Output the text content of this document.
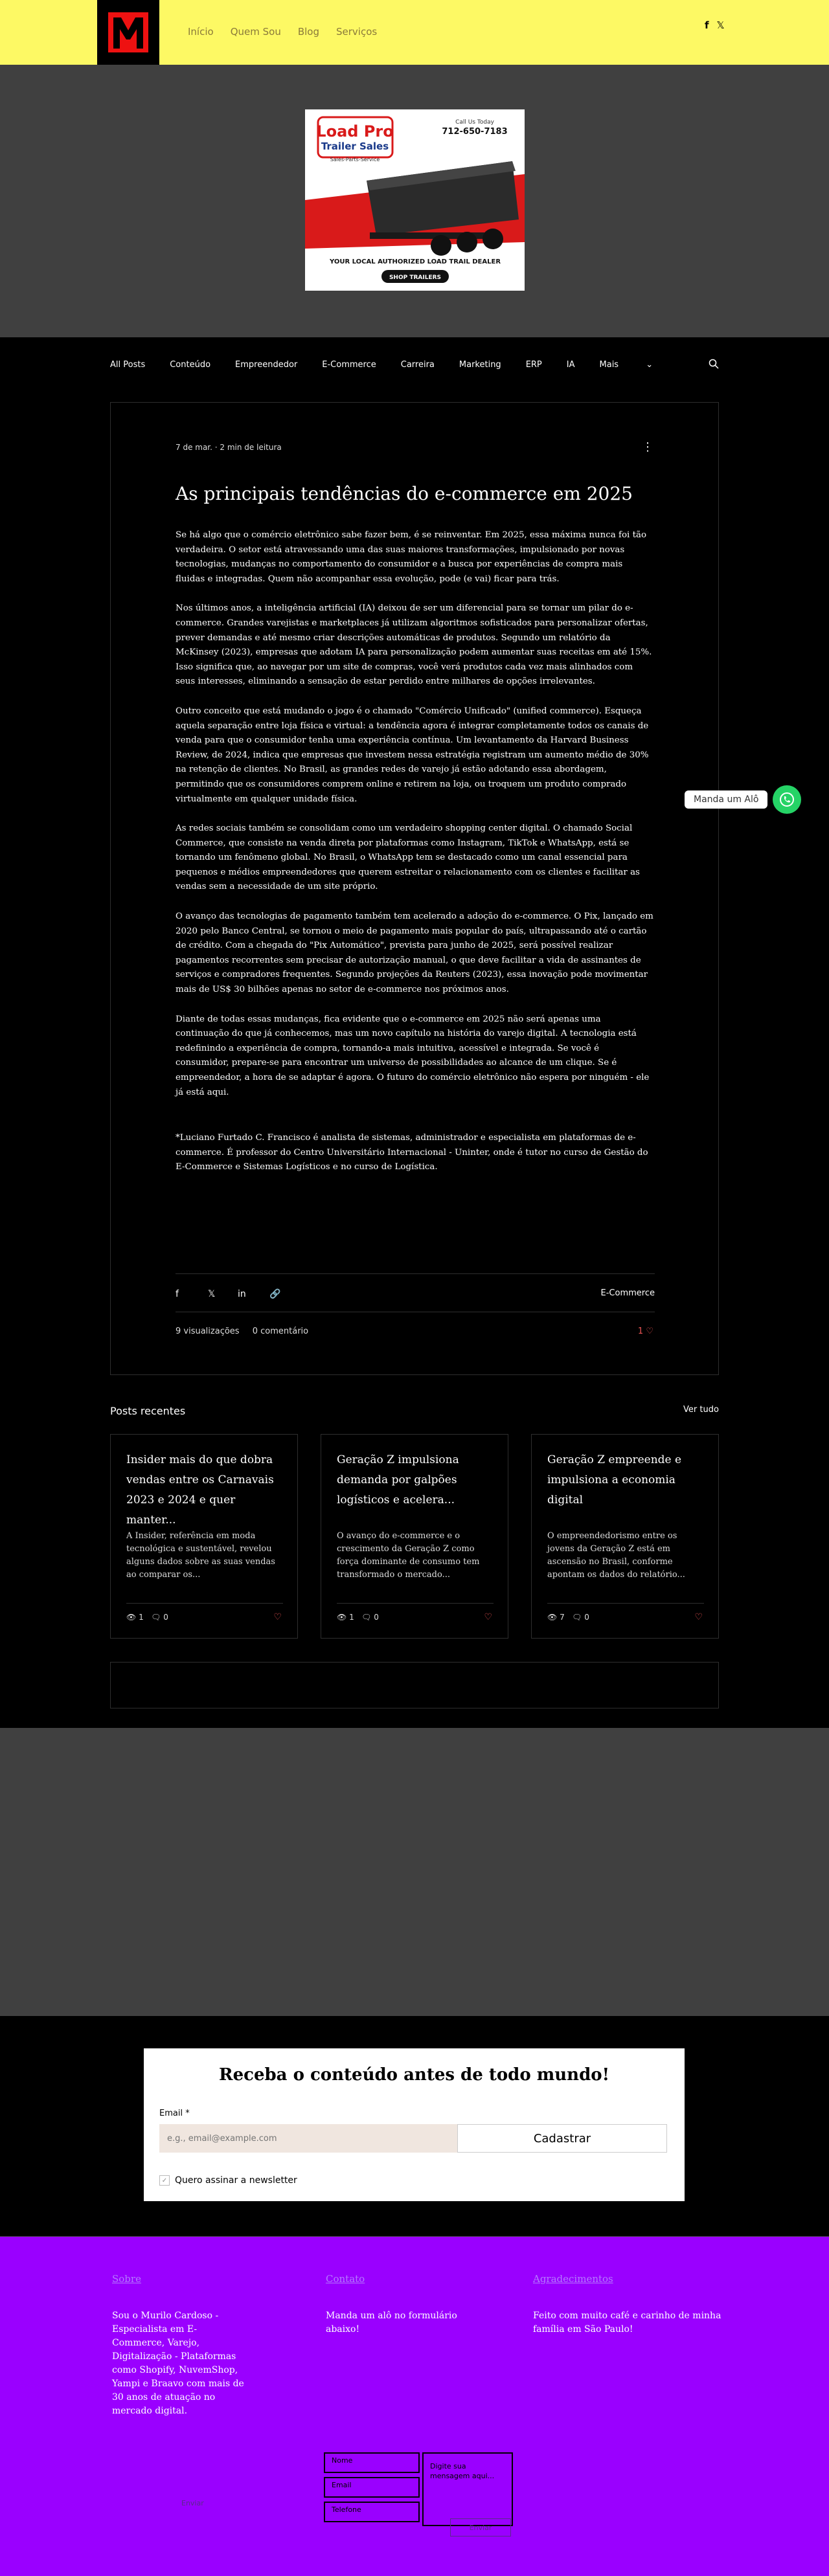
Início Quem Sou Blog Serviços
f 𝕏
Load Pro
Trailer Sales
Sales-Parts-Service
Call Us Today
712-650-7183
YOUR LOCAL AUTHORIZED LOAD TRAIL DEALER
SHOP TRAILERS
All Posts	Conteúdo	Empreendedor	E-Commerce	Carreira	Marketing	ERP	IA	Mais	⌄
7 de mar. · 2 min de leitura	⋮
As principais tendências do e-commerce em 2025

Se há algo que o comércio eletrônico sabe fazer bem, é se reinventar. Em 2025, essa máxima nunca foi tão verdadeira. O setor está atravessando uma das suas maiores transformações, impulsionado por novas tecnologias, mudanças no comportamento do consumidor e a busca por experiências de compra mais fluidas e integradas. Quem não acompanhar essa evolução, pode (e vai) ficar para trás.

Nos últimos anos, a inteligência artificial (IA) deixou de ser um diferencial para se tornar um pilar do e-commerce. Grandes varejistas e marketplaces já utilizam algoritmos sofisticados para personalizar ofertas, prever demandas e até mesmo criar descrições automáticas de produtos. Segundo um relatório da McKinsey (2023), empresas que adotam IA para personalização podem aumentar suas receitas em até 15%. Isso significa que, ao navegar por um site de compras, você verá produtos cada vez mais alinhados com seus interesses, eliminando a sensação de estar perdido entre milhares de opções irrelevantes.

Outro conceito que está mudando o jogo é o chamado "Comércio Unificado" (unified commerce). Esqueça aquela separação entre loja física e virtual: a tendência agora é integrar completamente todos os canais de venda para que o consumidor tenha uma experiência contínua. Um levantamento da Harvard Business Review, de 2024, indica que empresas que investem nessa estratégia registram um aumento médio de 30% na retenção de clientes. No Brasil, as grandes redes de varejo já estão adotando essa abordagem, permitindo que os consumidores comprem online e retirem na loja, ou troquem um produto comprado virtualmente em qualquer unidade física.

As redes sociais também se consolidam como um verdadeiro shopping center digital. O chamado Social Commerce, que consiste na venda direta por plataformas como Instagram, TikTok e WhatsApp, está se tornando um fenômeno global. No Brasil, o WhatsApp tem se destacado como um canal essencial para pequenos e médios empreendedores que querem estreitar o relacionamento com os clientes e facilitar as vendas sem a necessidade de um site próprio.

O avanço das tecnologias de pagamento também tem acelerado a adoção do e-commerce. O Pix, lançado em 2020 pelo Banco Central, se tornou o meio de pagamento mais popular do país, ultrapassando até o cartão de crédito. Com a chegada do "Pix Automático", prevista para junho de 2025, será possível realizar pagamentos recorrentes sem precisar de autorização manual, o que deve facilitar a vida de assinantes de serviços e compradores frequentes. Segundo projeções da Reuters (2023), essa inovação pode movimentar mais de US$ 30 bilhões apenas no setor de e-commerce nos próximos anos.

Diante de todas essas mudanças, fica evidente que o e-commerce em 2025 não será apenas uma continuação do que já conhecemos, mas um novo capítulo na história do varejo digital. A tecnologia está redefinindo a experiência de compra, tornando-a mais intuitiva, acessível e integrada. Se você é consumidor, prepare-se para encontrar um universo de possibilidades ao alcance de um clique. Se é empreendedor, a hora de se adaptar é agora. O futuro do comércio eletrônico não espera por ninguém - ele já está aqui.

*Luciano Furtado C. Francisco é analista de sistemas, administrador e especialista em plataformas de e-commerce. É professor do Centro Universitário Internacional - Uninter, onde é tutor no curso de Gestão do E-Commerce e Sistemas Logísticos e no curso de Logística.

f	𝕏	in	🔗	E-Commerce
9 visualizações 0 comentário	1 ♡
Posts recentes	Ver tudo
Insider mais do que dobra vendas entre os Carnavais 2023 e 2024 e quer manter...
A Insider, referência em moda tecnológica e sustentável, revelou alguns dados sobre as suas vendas ao comparar os...
👁 1 🗨 0	♡
Geração Z impulsiona demanda por galpões logísticos e acelera...
O avanço do e-commerce e o crescimento da Geração Z como força dominante de consumo tem transformado o mercado...
👁 1 🗨 0	♡
Geração Z empreende e impulsiona a economia digital
O empreendedorismo entre os jovens da Geração Z está em ascensão no Brasil, conforme apontam os dados do relatório...
👁 7 🗨 0	♡
Receba o conteúdo antes de todo mundo!
Email *
e.g., email@example.com
Cadastrar
✓ Quero assinar a newsletter
Sobre
Sou o Murilo Cardoso - Especialista em E-Commerce, Varejo, Digitalização - Plataformas como Shopify, NuvemShop, Yampi e Braavo com mais de 30 anos de atuação no mercado digital.
Contato
Manda um alô no formulário abaixo!
Agradecimentos
Feito com muito café e carinho de minha família em São Paulo!
Nome
Email
Telefone
Digite sua mensagem aqui...
Enviar
Enviar
Manda um Alô
